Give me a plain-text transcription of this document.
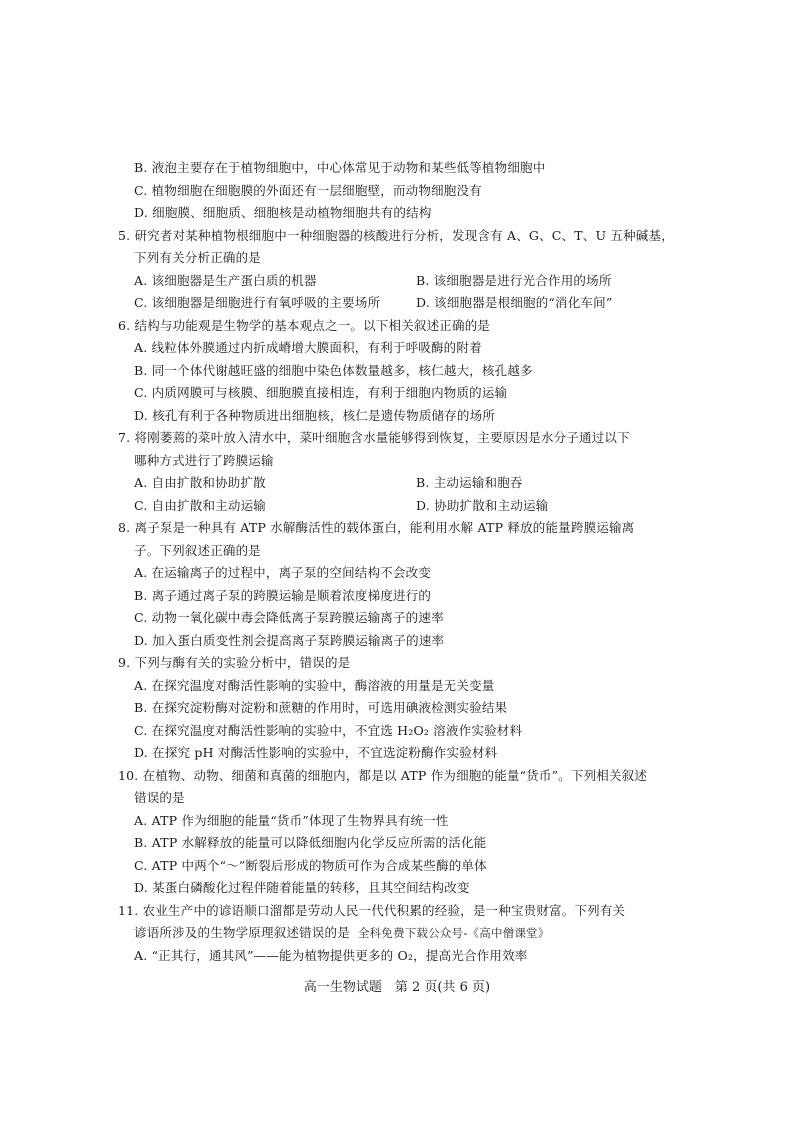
B. 液泡主要存在于植物细胞中，中心体常见于动物和某些低等植物细胞中
C. 植物细胞在细胞膜的外面还有一层细胞壁，而动物细胞没有
D. 细胞膜、细胞质、细胞核是动植物细胞共有的结构
5. 研究者对某种植物根细胞中一种细胞器的核酸进行分析，发现含有 A、G、C、T、U 五种碱基，
下列有关分析正确的是
A. 该细胞器是生产蛋白质的机器	B. 该细胞器是进行光合作用的场所
C. 该细胞器是细胞进行有氧呼吸的主要场所	D. 该细胞器是根细胞的“消化车间”
6. 结构与功能观是生物学的基本观点之一。以下相关叙述正确的是
A. 线粒体外膜通过内折成嵴增大膜面积，有利于呼吸酶的附着
B. 同一个体代谢越旺盛的细胞中染色体数量越多，核仁越大，核孔越多
C. 内质网膜可与核膜、细胞膜直接相连，有利于细胞内物质的运输
D. 核孔有利于各种物质进出细胞核，核仁是遗传物质储存的场所
7. 将刚萎蔫的菜叶放入清水中，菜叶细胞含水量能够得到恢复，主要原因是水分子通过以下
哪种方式进行了跨膜运输
A. 自由扩散和协助扩散	B. 主动运输和胞吞
C. 自由扩散和主动运输	D. 协助扩散和主动运输
8. 离子泵是一种具有 ATP 水解酶活性的载体蛋白，能利用水解 ATP 释放的能量跨膜运输离
子。下列叙述正确的是
A. 在运输离子的过程中，离子泵的空间结构不会改变
B. 离子通过离子泵的跨膜运输是顺着浓度梯度进行的
C. 动物一氧化碳中毒会降低离子泵跨膜运输离子的速率
D. 加入蛋白质变性剂会提高离子泵跨膜运输离子的速率
9. 下列与酶有关的实验分析中，错误的是
A. 在探究温度对酶活性影响的实验中，酶溶液的用量是无关变量
B. 在探究淀粉酶对淀粉和蔗糖的作用时，可选用碘液检测实验结果
C. 在探究温度对酶活性影响的实验中，不宜选 H₂O₂ 溶液作实验材料
D. 在探究 pH 对酶活性影响的实验中，不宜选淀粉酶作实验材料
10. 在植物、动物、细菌和真菌的细胞内，都是以 ATP 作为细胞的能量“货币”。下列相关叙述
错误的是
A. ATP 作为细胞的能量“货币”体现了生物界具有统一性
B. ATP 水解释放的能量可以降低细胞内化学反应所需的活化能
C. ATP 中两个“～”断裂后形成的物质可作为合成某些酶的单体
D. 某蛋白磷酸化过程伴随着能量的转移，且其空间结构改变
11. 农业生产中的谚语顺口溜都是劳动人民一代代积累的经验，是一种宝贵财富。下列有关
谚语所涉及的生物学原理叙述错误的是 全科免费下载公众号-《高中僧课堂》
A. “正其行，通其风”——能为植物提供更多的 O₂，提高光合作用效率
高一生物试题　第 2 页(共 6 页)
